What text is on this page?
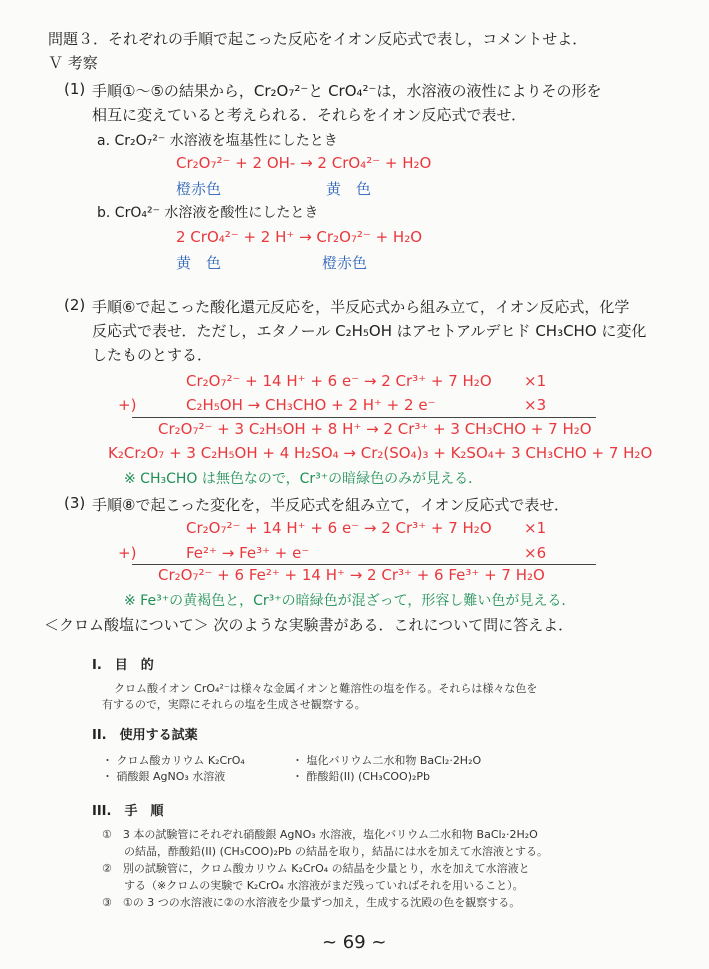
問題３．それぞれの手順で起こった反応をイオン反応式で表し，コメントせよ．
Ｖ 考察
(1) 手順①～⑤の結果から，Cr₂O₇²⁻と CrO₄²⁻は，水溶液の液性によりその形を
相互に変えていると考えられる．それらをイオン反応式で表せ．
a. Cr₂O₇²⁻ 水溶液を塩基性にしたとき
Cr₂O₇²⁻ + 2 OH- → 2 CrO₄²⁻ + H₂O
橙赤色	黄　色
b. CrO₄²⁻ 水溶液を酸性にしたとき
2 CrO₄²⁻ + 2 H⁺ → Cr₂O₇²⁻ + H₂O
黄　色	橙赤色
(2) 手順⑥で起こった酸化還元反応を，半反応式から組み立て，イオン反応式，化学
反応式で表せ．ただし，エタノール C₂H₅OH はアセトアルデヒド CH₃CHO に変化
したものとする．
Cr₂O₇²⁻ + 14 H⁺ + 6 e⁻ → 2 Cr³⁺ + 7 H₂O ×1
+)	C₂H₅OH → CH₃CHO + 2 H⁺ + 2 e⁻	×3
Cr₂O₇²⁻ + 3 C₂H₅OH + 8 H⁺ → 2 Cr³⁺ + 3 CH₃CHO + 7 H₂O
K₂Cr₂O₇ + 3 C₂H₅OH + 4 H₂SO₄ → Cr₂(SO₄)₃ + K₂SO₄+ 3 CH₃CHO + 7 H₂O
※ CH₃CHO は無色なので，Cr³⁺の暗緑色のみが見える．
(3) 手順⑧で起こった変化を，半反応式を組み立て，イオン反応式で表せ．
Cr₂O₇²⁻ + 14 H⁺ + 6 e⁻ → 2 Cr³⁺ + 7 H₂O ×1
+)	Fe²⁺ → Fe³⁺ + e⁻	×6
Cr₂O₇²⁻ + 6 Fe²⁺ + 14 H⁺ → 2 Cr³⁺ + 6 Fe³⁺ + 7 H₂O
※ Fe³⁺の黄褐色と，Cr³⁺の暗緑色が混ざって，形容し難い色が見える．
＜クロム酸塩について＞ 次のような実験書がある．これについて問に答えよ．
I.　目　的
クロム酸イオン CrO₄²⁻は様々な金属イオンと難溶性の塩を作る。それらは様々な色を
有するので，実際にそれらの塩を生成させ観察する。
II.　使用する試薬
・ クロム酸カリウム K₂CrO₄	・ 塩化バリウム二水和物 BaCl₂·2H₂O
・ 硝酸銀 AgNO₃ 水溶液	・ 酢酸鉛(II) (CH₃COO)₂Pb
III.　手　順
①　3 本の試験管にそれぞれ硝酸銀 AgNO₃ 水溶液，塩化バリウム二水和物 BaCl₂·2H₂O
の結晶，酢酸鉛(II) (CH₃COO)₂Pb の結晶を取り，結晶には水を加えて水溶液とする。
②　別の試験管に，クロム酸カリウム K₂CrO₄ の結晶を少量とり，水を加えて水溶液と
する（※クロムの実験で K₂CrO₄ 水溶液がまだ残っていればそれを用いること）。
③　①の 3 つの水溶液に②の水溶液を少量ずつ加え，生成する沈殿の色を観察する。
~ 69 ~
